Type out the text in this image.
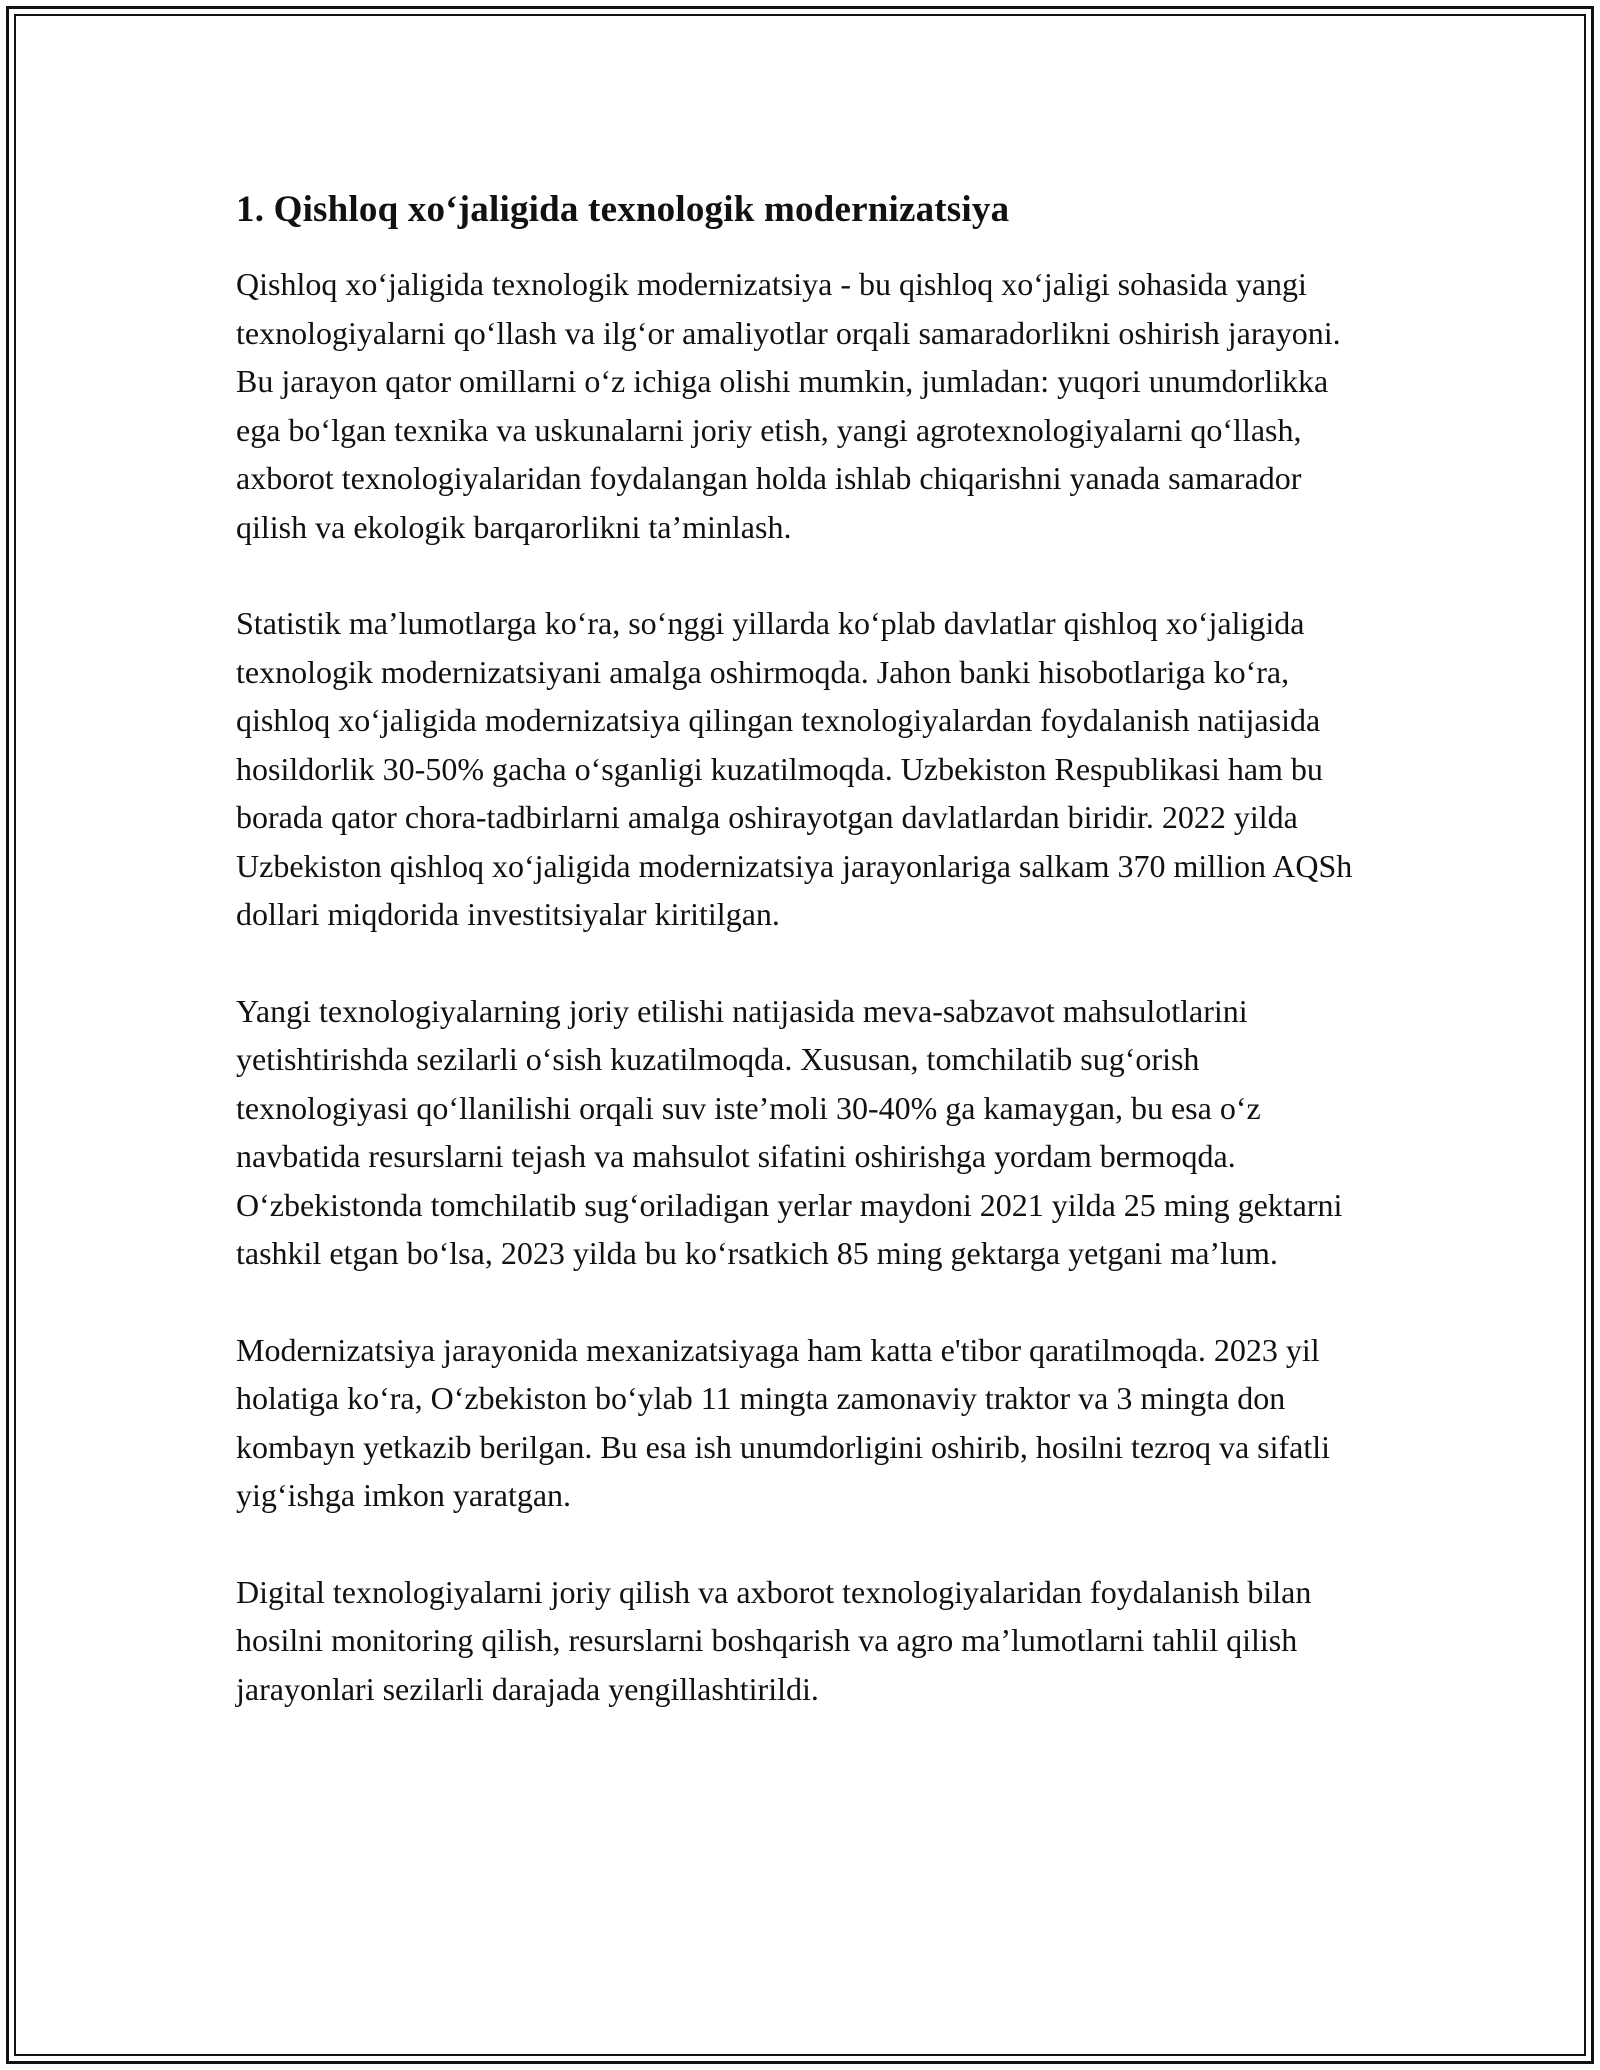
1. Qishloq xo‘jaligida texnologik modernizatsiya

Qishloq xo‘jaligida texnologik modernizatsiya - bu qishloq xo‘jaligi sohasida yangi texnologiyalarni qo‘llash va ilg‘or amaliyotlar orqali samaradorlikni oshirish jarayoni. Bu jarayon qator omillarni o‘z ichiga olishi mumkin, jumladan: yuqori unumdorlikka ega bo‘lgan texnika va uskunalarni joriy etish, yangi agrotexnologiyalarni qo‘llash, axborot texnologiyalaridan foydalangan holda ishlab chiqarishni yanada samarador qilish va ekologik barqarorlikni ta’minlash.

Statistik ma’lumotlarga ko‘ra, so‘nggi yillarda ko‘plab davlatlar qishloq xo‘jaligida texnologik modernizatsiyani amalga oshirmoqda. Jahon banki hisobotlariga ko‘ra, qishloq xo‘jaligida modernizatsiya qilingan texnologiyalardan foydalanish natijasida hosildorlik 30-50% gacha o‘sganligi kuzatilmoqda. Uzbekiston Respublikasi ham bu borada qator chora-tadbirlarni amalga oshirayotgan davlatlardan biridir. 2022 yilda Uzbekiston qishloq xo‘jaligida modernizatsiya jarayonlariga salkam 370 million AQSh dollari miqdorida investitsiyalar kiritilgan.

Yangi texnologiyalarning joriy etilishi natijasida meva-sabzavot mahsulotlarini yetishtirishda sezilarli o‘sish kuzatilmoqda. Xususan, tomchilatib sug‘orish texnologiyasi qo‘llanilishi orqali suv iste’moli 30-40% ga kamaygan, bu esa o‘z navbatida resurslarni tejash va mahsulot sifatini oshirishga yordam bermoqda. O‘zbekistonda tomchilatib sug‘oriladigan yerlar maydoni 2021 yilda 25 ming gektarni tashkil etgan bo‘lsa, 2023 yilda bu ko‘rsatkich 85 ming gektarga yetgani ma’lum.

Modernizatsiya jarayonida mexanizatsiyaga ham katta e'tibor qaratilmoqda. 2023 yil holatiga ko‘ra, O‘zbekiston bo‘ylab 11 mingta zamonaviy traktor va 3 mingta don kombayn yetkazib berilgan. Bu esa ish unumdorligini oshirib, hosilni tezroq va sifatli yig‘ishga imkon yaratgan.

Digital texnologiyalarni joriy qilish va axborot texnologiyalaridan foydalanish bilan hosilni monitoring qilish, resurslarni boshqarish va agro ma’lumotlarni tahlil qilish jarayonlari sezilarli darajada yengillashtirildi.
